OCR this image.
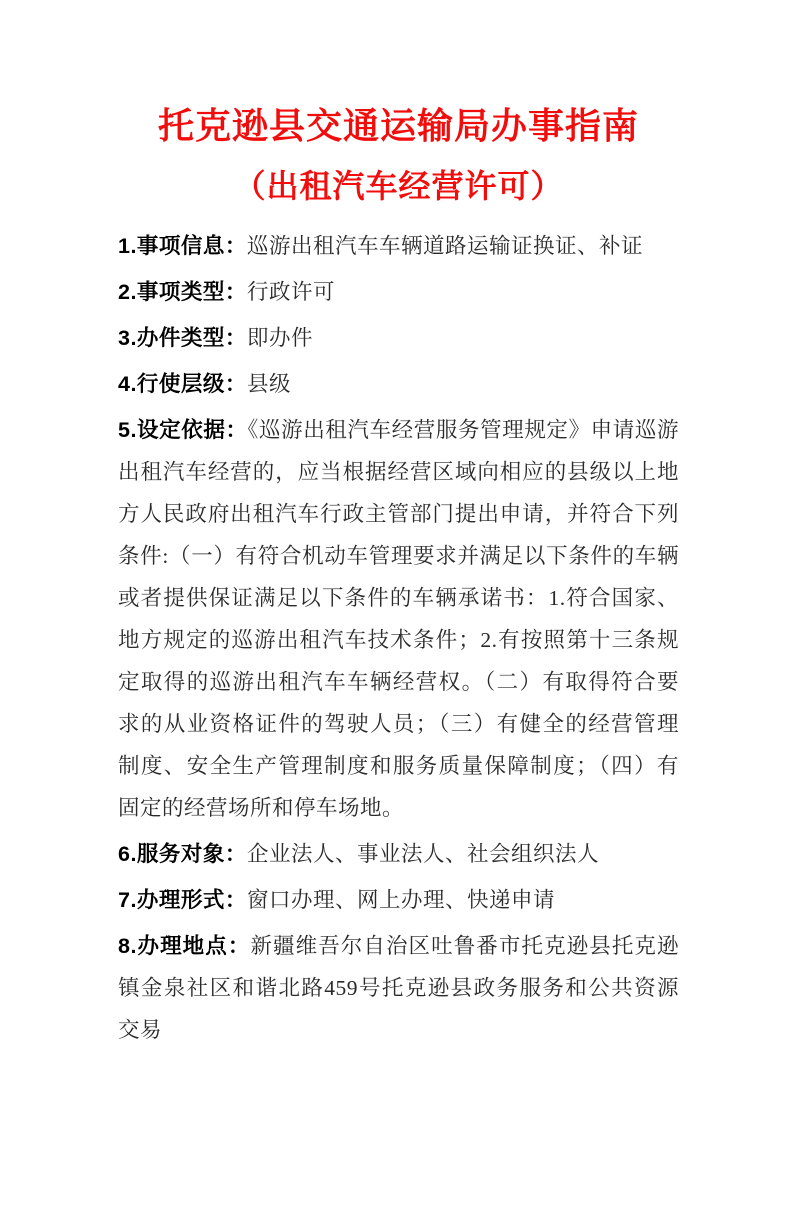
托克逊县交通运输局办事指南
（出租汽车经营许可）

1.事项信息：巡游出租汽车车辆道路运输证换证、补证

2.事项类型：行政许可

3.办件类型：即办件

4.行使层级：县级

5.设定依据：《巡游出租汽车经营服务管理规定》申请巡游出租汽车经营的，应当根据经营区域向相应的县级以上地方人民政府出租汽车行政主管部门提出申请，并符合下列条件:（一）有符合机动车管理要求并满足以下条件的车辆或者提供保证满足以下条件的车辆承诺书：1.符合国家、地方规定的巡游出租汽车技术条件；2.有按照第十三条规定取得的巡游出租汽车车辆经营权。（二）有取得符合要求的从业资格证件的驾驶人员；（三）有健全的经营管理制度、安全生产管理制度和服务质量保障制度；（四）有固定的经营场所和停车场地。

6.服务对象：企业法人、事业法人、社会组织法人

7.办理形式：窗口办理、网上办理、快递申请

8.办理地点：新疆维吾尔自治区吐鲁番市托克逊县托克逊镇金泉社区和谐北路459号托克逊县政务服务和公共资源交易
